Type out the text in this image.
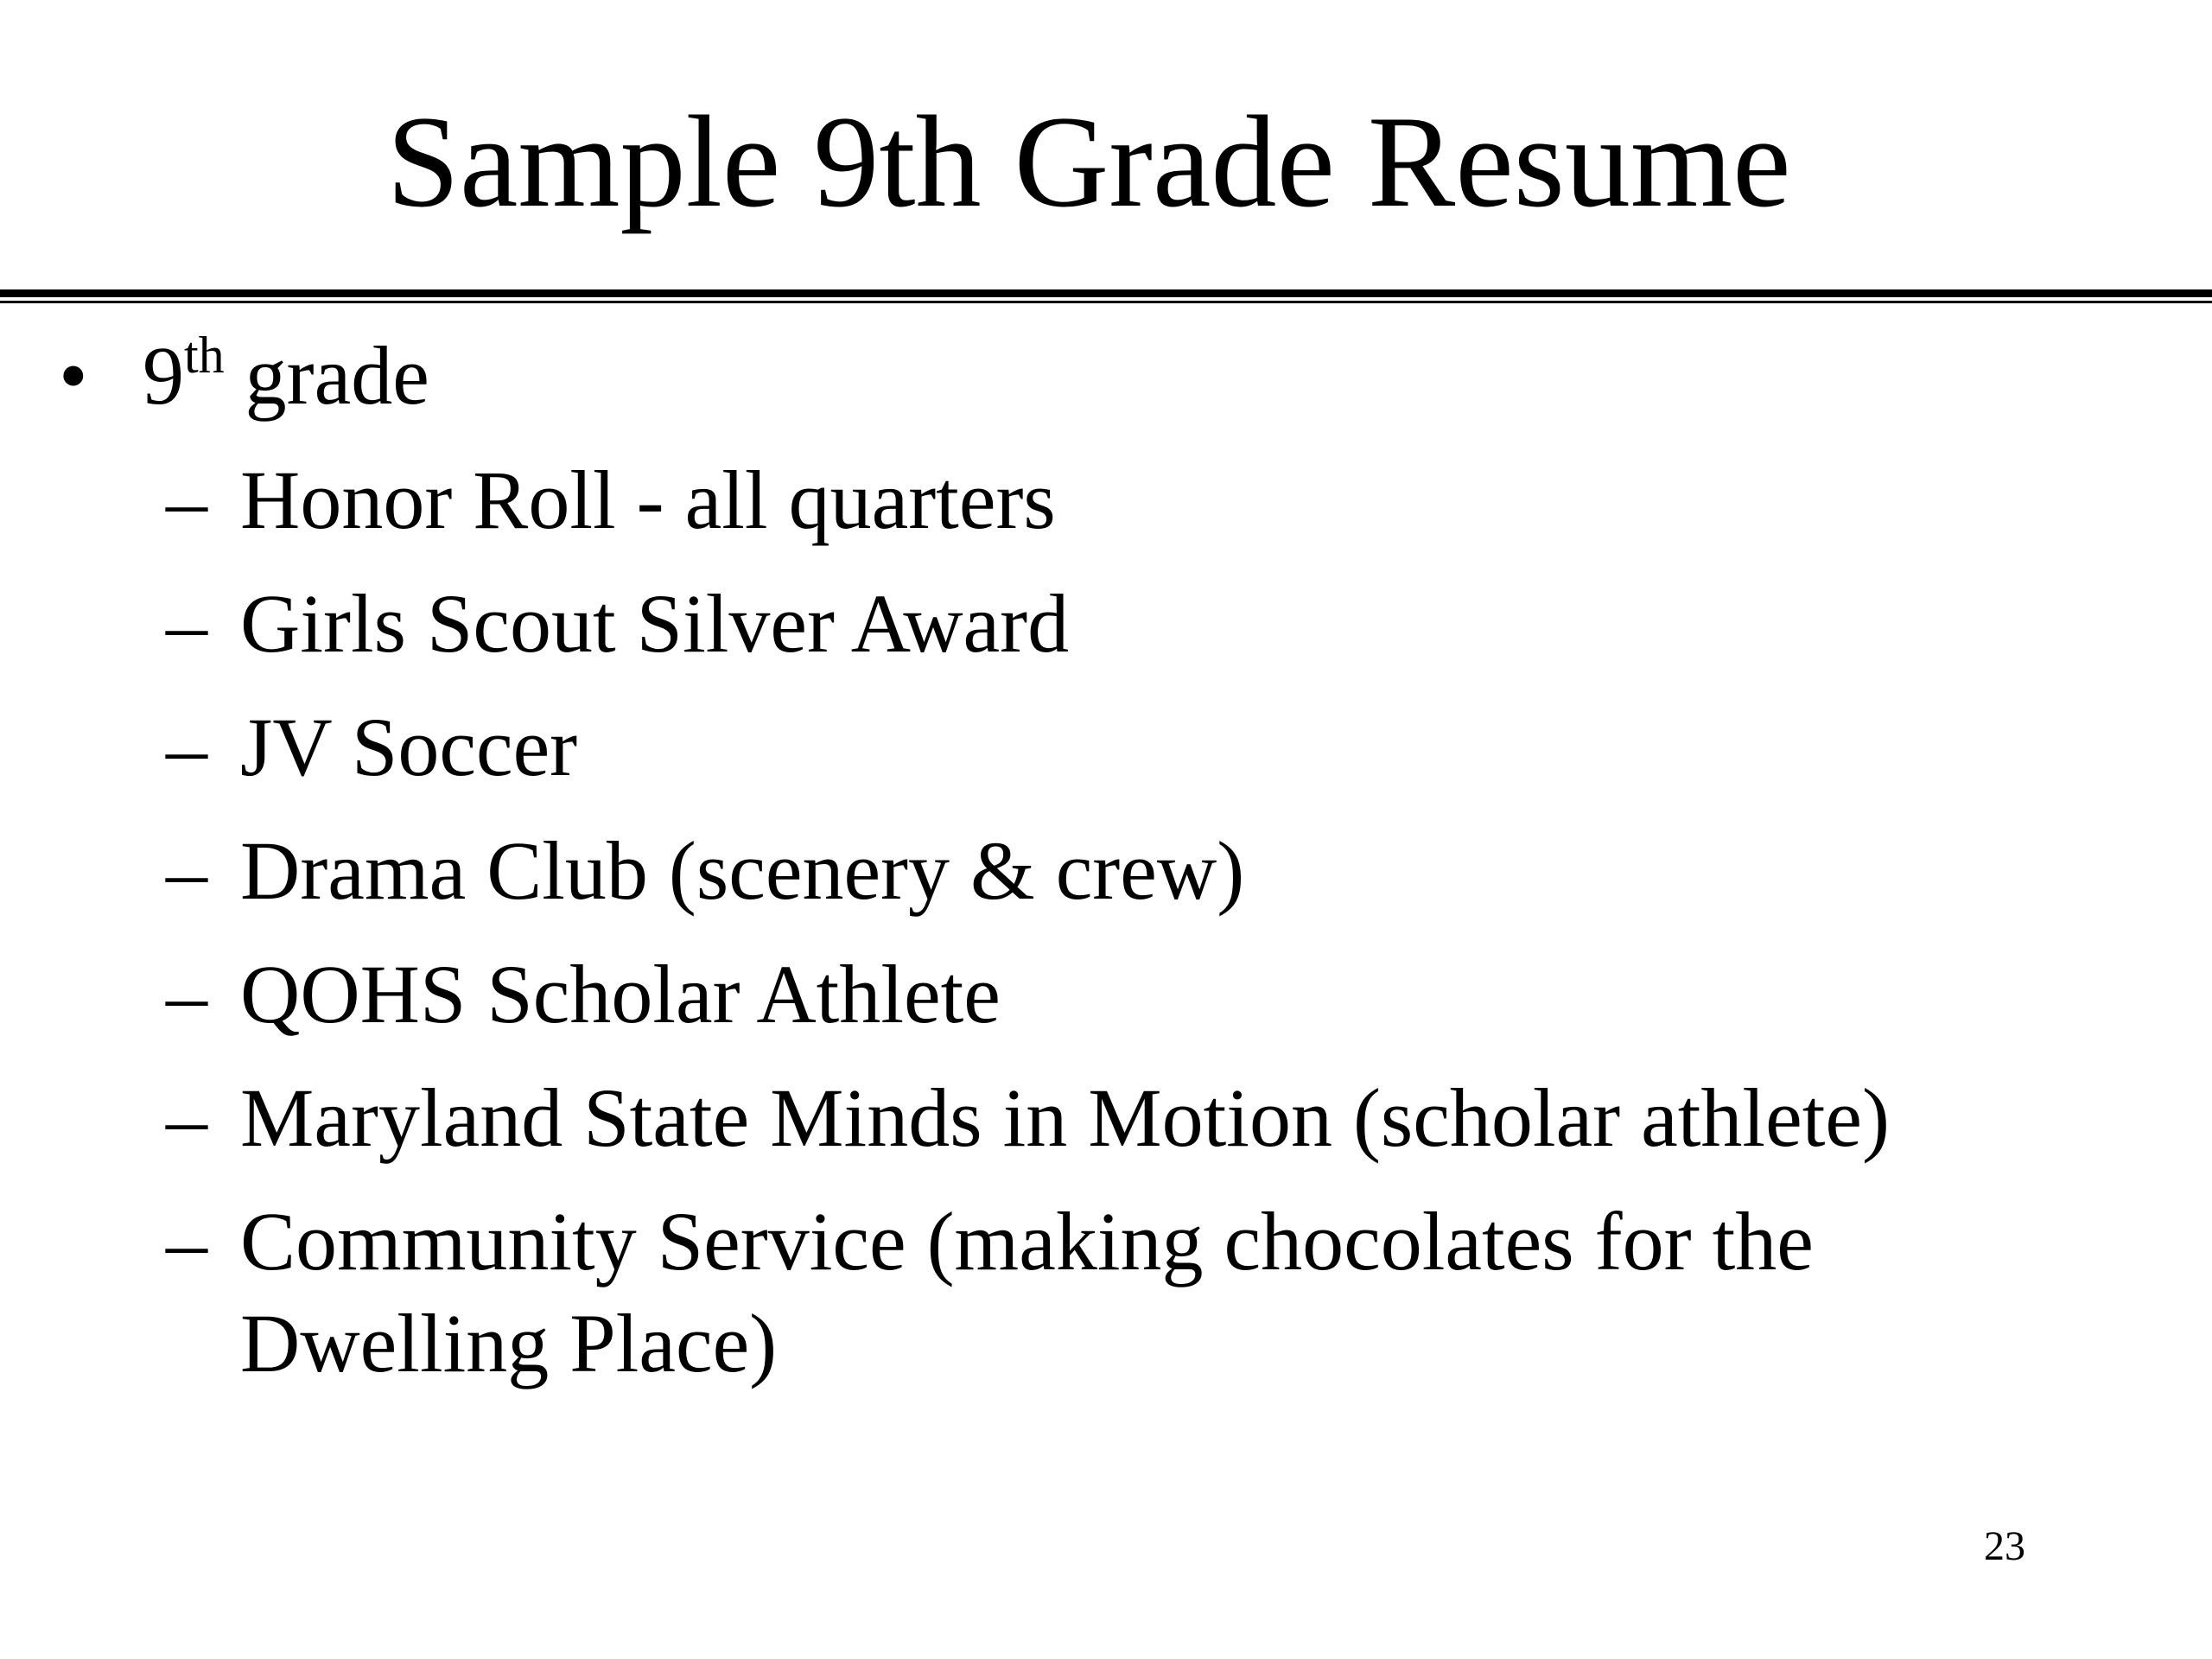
Sample 9th Grade Resume
• 9th grade
– Honor Roll - all quarters
– Girls Scout Silver Award
– JV Soccer
– Drama Club (scenery & crew)
– QOHS Scholar Athlete
– Maryland State Minds in Motion (scholar athlete)
– Community Service (making chocolates for the Dwelling Place)
23
